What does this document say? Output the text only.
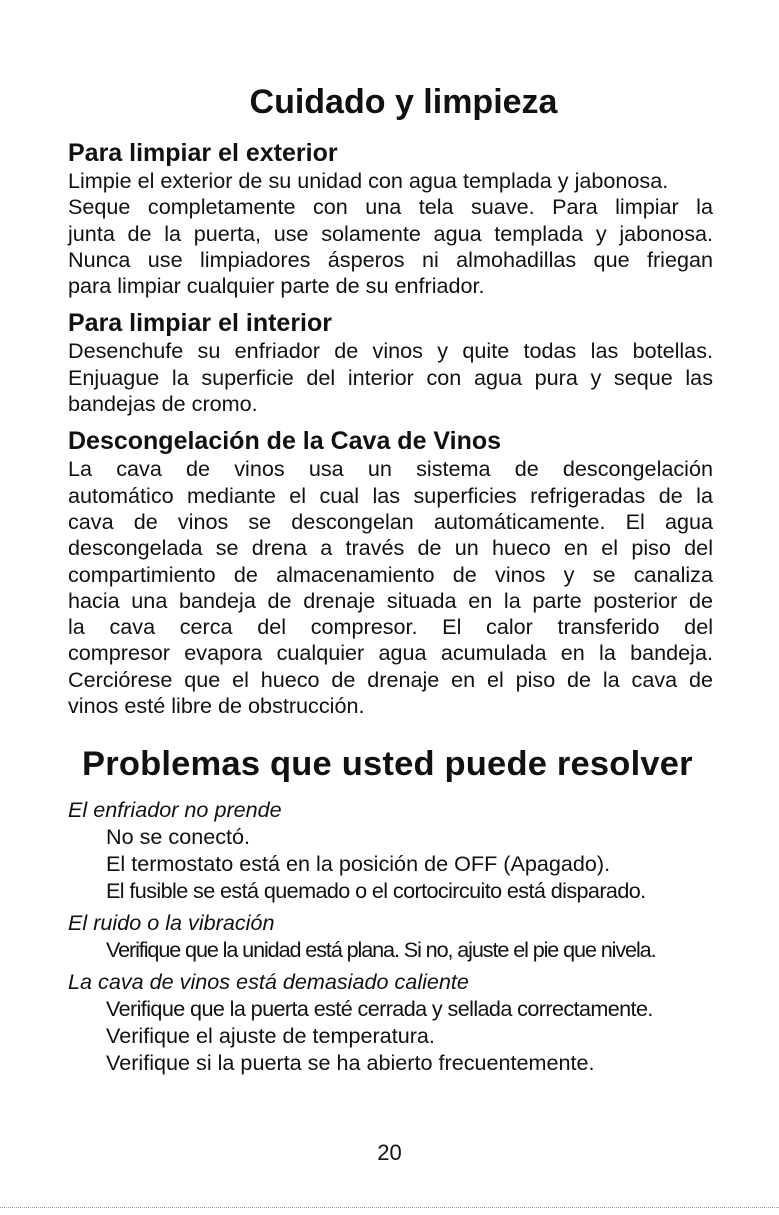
Cuidado y limpieza
Para limpiar el exterior

Limpie el exterior de su unidad con agua templada y jabonosa.

Seque completamente con una tela suave. Para limpiar la

junta de la puerta, use solamente agua templada y jabonosa.

Nunca use limpiadores ásperos ni almohadillas que friegan

para limpiar cualquier parte de su enfriador.

Para limpiar el interior

Desenchufe su enfriador de vinos y quite todas las botellas.

Enjuague la superficie del interior con agua pura y seque las

bandejas de cromo.

Descongelación de la Cava de Vinos

La cava de vinos usa un sistema de descongelación

automático mediante el cual las superficies refrigeradas de la

cava de vinos se descongelan automáticamente. El agua

descongelada se drena a través de un hueco en el piso del

compartimiento de almacenamiento de vinos y se canaliza

hacia una bandeja de drenaje situada en la parte posterior de

la cava cerca del compresor. El calor transferido del

compresor evapora cualquier agua acumulada en la bandeja.

Cerciórese que el hueco de drenaje en el piso de la cava de

vinos esté libre de obstrucción.

Problemas que usted puede resolver

El enfriador no prende

No se conectó.

El termostato está en la posición de OFF (Apagado).

El fusible se está quemado o el cortocircuito está disparado.

El ruido o la vibración

Verifique que la unidad está plana. Si no, ajuste el pie que nivela.

La cava de vinos está demasiado caliente

Verifique que la puerta esté cerrada y sellada correctamente.

Verifique el ajuste de temperatura.

Verifique si la puerta se ha abierto frecuentemente.

20
